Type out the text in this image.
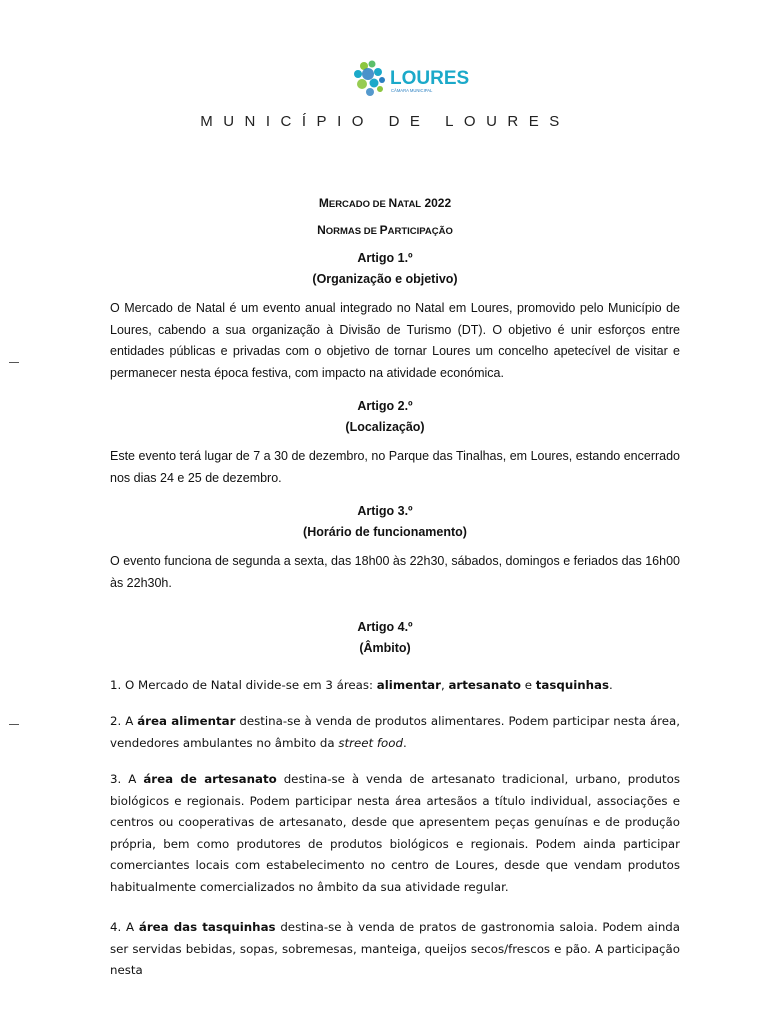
LOURES
CÂMARA MUNICIPAL
MUNICÍPIO DE LOURES
MERCADO DE NATAL 2022
NORMAS DE PARTICIPAÇÃO
Artigo 1.º
(Organização e objetivo)
O Mercado de Natal é um evento anual integrado no Natal em Loures, promovido pelo Município de Loures, cabendo a sua organização à Divisão de Turismo (DT). O objetivo é unir esforços entre entidades públicas e privadas com o objetivo de tornar Loures um concelho apetecível de visitar e permanecer nesta época festiva, com impacto na atividade económica.
Artigo 2.º
(Localização)
Este evento terá lugar de 7 a 30 de dezembro, no Parque das Tinalhas, em Loures, estando encerrado nos dias 24 e 25 de dezembro.
Artigo 3.º
(Horário de funcionamento)
O evento funciona de segunda a sexta, das 18h00 às 22h30, sábados, domingos e feriados das 16h00 às 22h30h.
Artigo 4.º
(Âmbito)
1. O Mercado de Natal divide-se em 3 áreas: alimentar, artesanato e tasquinhas.
2. A área alimentar destina-se à venda de produtos alimentares. Podem participar nesta área, vendedores ambulantes no âmbito da street food.
3. A área de artesanato destina-se à venda de artesanato tradicional, urbano, produtos biológicos e regionais. Podem participar nesta área artesãos a título individual, associações e centros ou cooperativas de artesanato, desde que apresentem peças genuínas e de produção própria, bem como produtores de produtos biológicos e regionais. Podem ainda participar comerciantes locais com estabelecimento no centro de Loures, desde que vendam produtos habitualmente comercializados no âmbito da sua atividade regular.
4. A área das tasquinhas destina-se à venda de pratos de gastronomia saloia. Podem ainda ser servidas bebidas, sopas, sobremesas, manteiga, queijos secos/frescos e pão. A participação nesta
